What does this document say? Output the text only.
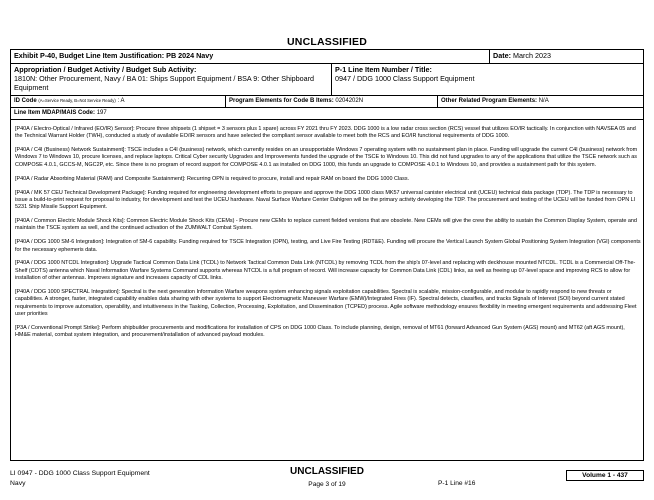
UNCLASSIFIED
Exhibit P-40, Budget Line Item Justification: PB 2024 Navy	Date: March 2023
Appropriation / Budget Activity / Budget Sub Activity:
1810N: Other Procurement, Navy / BA 01: Ships Support Equipment / BSA 9: Other Shipboard Equipment
P-1 Line Item Number / Title:
0947 / DDG 1000 Class Support Equipment
ID Code (A=Service Ready, B=Not Service Ready) : A	Program Elements for Code B Items: 0204202N	Other Related Program Elements: N/A
Line Item MDAP/MAIS Code: 197

[P40A / Electro-Optical / Infrared (EO/IR) Sensor]: Procure three shipsets (1 shipset = 3 sensors plus 1 spare) across FY 2021 thru FY 2023. DDG 1000 is a low radar cross section (RCS) vessel that utilizes EO/IR tactically. In conjunction with NAVSEA 05 and the Technical Warrant Holder (TWH), conducted a study of available EO/IR sensors and have selected the compliant sensor available to meet both the RCS and EO/IR functional requirements of DDG 1000.

[P40A / C4I (Business) Network Sustainment]: TSCE includes a C4I (business) network, which currently resides on an unsupportable Windows 7 operating system with no sustainment plan in place. Funding will upgrade the current C4I (business) network from Windows 7 to Windows 10, procure licenses, and replace laptops. Critical Cyber security Upgrades and Improvements funded the upgrade of the TSCE to Windows 10. This did not fund upgrades to any of the applications that utilize the TSCE network such as COMPOSE 4.0.1, GCCS-M, NGC2P, etc. Since there is no program of record support for COMPOSE 4.0.1 as installed on DDG 1000, this funds an upgrade to COMPOSE 4.0.1 to Windows 10, and provides a sustainment path for this system.

[P40A / Radar Absorbing Material (RAM) and Composite Sustainment]: Recurring OPN is required to procure, install and repair RAM on board the DDG 1000 Class.

[P40A / MK 57 CEU Technical Development Package]: Funding required for engineering development efforts to prepare and approve the DDG 1000 class MK57 universal canister electrical unit (UCEU) technical data package (TDP). The TDP is necessary to issue a build-to-print request for proposal to industry, for development and test the UCEU hardware. Naval Surface Warfare Center Dahlgren will be the primary activity developing the TDP. The procurement and testing of the UCEU will be funded from OPN LI 5231 Ship Missile Support Equipment.

[P40A / Common Electric Module Shock Kits]: Common Electric Module Shock Kits (CEMs) - Procure new CEMs to replace current fielded versions that are obsolete. New CEMs will give the crew the ability to sustain the Common Display System, operate and maintain the TSCE system as well, and the continued activation of the ZUMWALT Combat System.

[P40A / DDG 1000 SM-6 Integration]: Integration of SM-6 capability. Funding required for TSCE Integration (OPN), testing, and Live Fire Testing (RDT&E). Funding will procure the Vertical Launch System Global Positioning System Integration (VGI) components for the necessary ephemeris data.

[P40A / DDG 1000 NTCDL Integration]: Upgrade Tactical Common Data Link (TCDL) to Network Tactical Common Data Link (NTCDL) by removing TCDL from the ship's 07-level and replacing with deckhouse mounted NTCDL. TCDL is a Commercial Off-The-Shelf (COTS) antenna which Naval Information Warfare Systems Command supports whereas NTCDL is a full program of record. Will increase capacity for Common Data Link (CDL) links, as well as freeing up 07-level space and improving RCS to allow for installation of other antennas. Improves signature and increases capacity of CDL links.

[P40A / DDG 1000 SPECTRAL Integration]: Spectral is the next generation Information Warfare weapons system enhancing signals exploitation capabilities. Spectral is scalable, mission-configurable, and modular to rapidly respond to new threats or capabilities. A stronger, faster, integrated capability enables data sharing with other systems to support Electromagnetic Maneuver Warfare (EMW)/Integrated Fires (IF). Spectral detects, classifies, and tracks Signals of Interest (SOI) beyond current stated requirements to improve automation, operability, and intuitiveness in the Tasking, Collection, Processing, Exploitation, and Dissemination (TCPED) process. Agile software methodology ensures flexibility in meeting emergent requirements and addressing Fleet user priorities

[P3A / Conventional Prompt Strike]: Perform shipbuilder procurements and modifications for installation of CPS on DDG 1000 Class. To include planning, design, removal of MT61 (forward Advanced Gun System (AGS) mount) and MT62 (aft AGS mount), HM&E material, combat system integration, and procurement/installation of advanced payload modules.

LI 0947 - DDG 1000 Class Support Equipment
Navy
UNCLASSIFIED
Page 3 of 19	P-1 Line #16
Volume 1 - 437
